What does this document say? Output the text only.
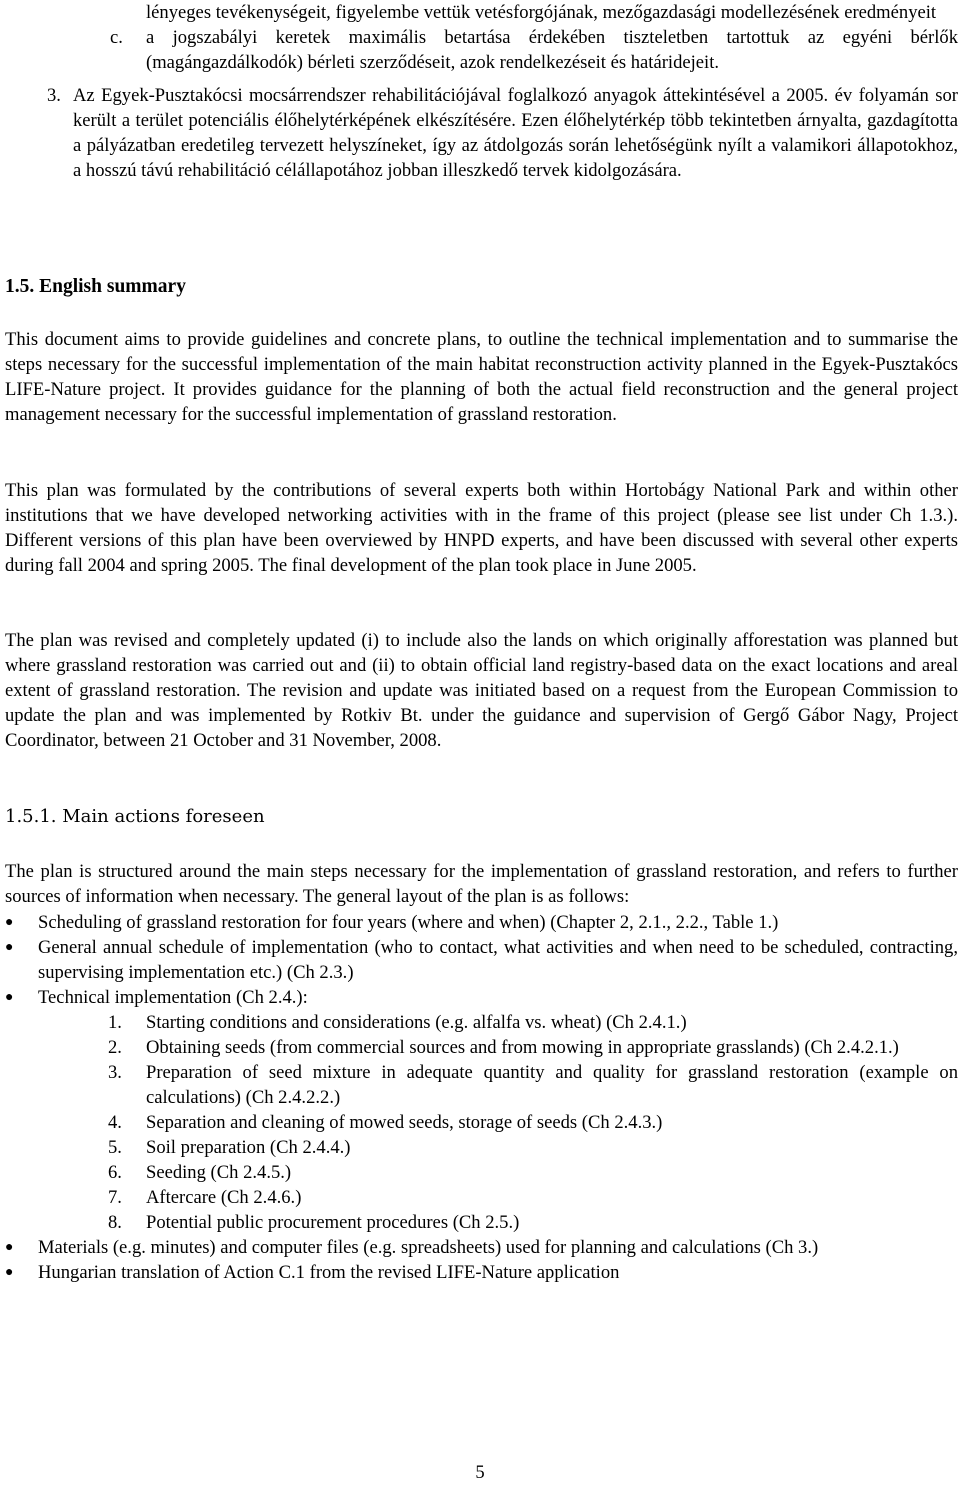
lényeges tevékenységeit, figyelembe vettük vetésforgójának, mezőgazdasági modellezésének eredményeit
c.	a jogszabályi keretek maximális betartása érdekében tiszteletben tartottuk az egyéni bérlők (magángazdálkodók) bérleti szerződéseit, azok rendelkezéseit és határidejeit.
3. Az Egyek-Pusztakócsi mocsárrendszer rehabilitációjával foglalkozó anyagok áttekintésével a 2005. év folyamán sor került a terület potenciális élőhelytérképének elkészítésére. Ezen élőhelytérkép több tekintetben árnyalta, gazdagította a pályázatban eredetileg tervezett helyszíneket, így az átdolgozás során lehetőségünk nyílt a valamikori állapotokhoz, a hosszú távú rehabilitáció célállapotához jobban illeszkedő tervek kidolgozására.
1.5. English summary
This document aims to provide guidelines and concrete plans, to outline the technical implementation and to summarise the steps necessary for the successful implementation of the main habitat reconstruction activity planned in the Egyek-Pusztakócs LIFE-Nature project. It provides guidance for the planning of both the actual field reconstruction and the general project management necessary for the successful implementation of grassland restoration.
This plan was formulated by the contributions of several experts both within Hortobágy National Park and within other institutions that we have developed networking activities with in the frame of this project (please see list under Ch 1.3.). Different versions of this plan have been overviewed by HNPD experts, and have been discussed with several other experts during fall 2004 and spring 2005. The final development of the plan took place in June 2005.
The plan was revised and completely updated (i) to include also the lands on which originally afforestation was planned but where grassland restoration was carried out and (ii) to obtain official land registry-based data on the exact locations and areal extent of grassland restoration. The revision and update was initiated based on a request from the European Commission to update the plan and was implemented by Rotkiv Bt. under the guidance and supervision of Gergő Gábor Nagy, Project Coordinator, between 21 October and 31 November, 2008.
1.5.1. Main actions foreseen
The plan is structured around the main steps necessary for the implementation of grassland restoration, and refers to further sources of information when necessary. The general layout of the plan is as follows:
●	Scheduling of grassland restoration for four years (where and when) (Chapter 2, 2.1., 2.2., Table 1.)
●	General annual schedule of implementation (who to contact, what activities and when need to be scheduled, contracting, supervising implementation etc.) (Ch 2.3.)
●	Technical implementation (Ch 2.4.):
1.	Starting conditions and considerations (e.g. alfalfa vs. wheat) (Ch 2.4.1.)
2.	Obtaining seeds (from commercial sources and from mowing in appropriate grasslands) (Ch 2.4.2.1.)
3.	Preparation of seed mixture in adequate quantity and quality for grassland restoration (example on calculations) (Ch 2.4.2.2.)
4.	Separation and cleaning of mowed seeds, storage of seeds (Ch 2.4.3.)
5.	Soil preparation (Ch 2.4.4.)
6.	Seeding (Ch 2.4.5.)
7.	Aftercare (Ch 2.4.6.)
8.	Potential public procurement procedures (Ch 2.5.)
●	Materials (e.g. minutes) and computer files (e.g. spreadsheets) used for planning and calculations (Ch 3.)
●	Hungarian translation of Action C.1 from the revised LIFE-Nature application
5
